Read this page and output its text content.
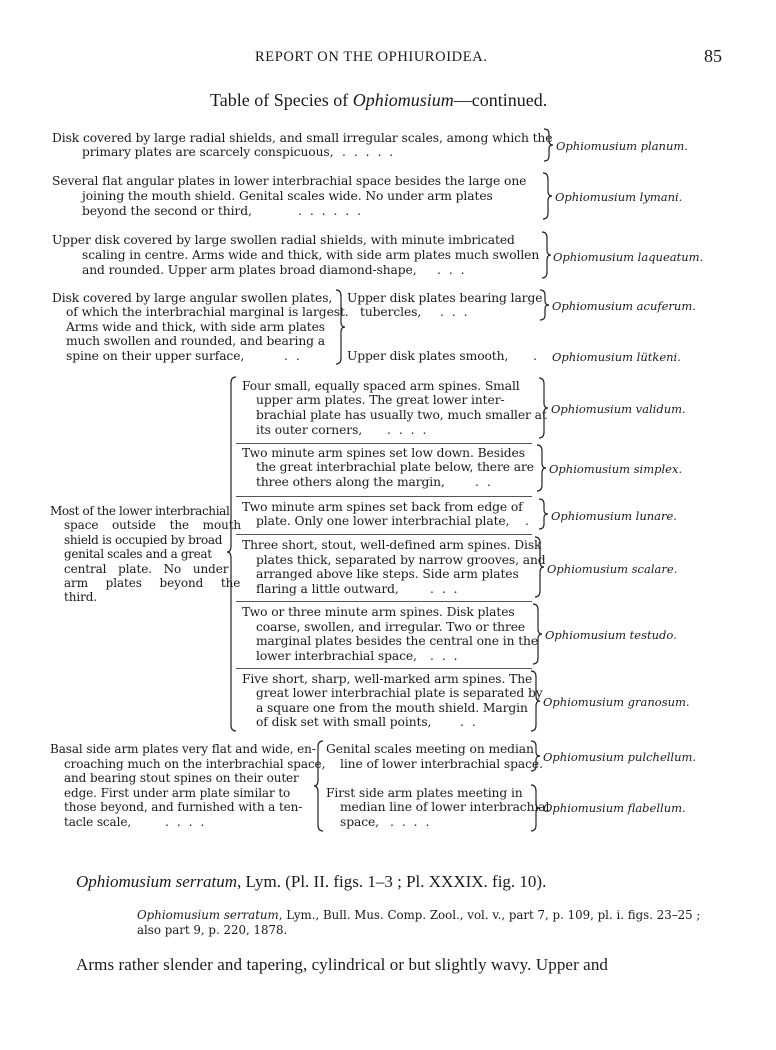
REPORT ON THE OPHIUROIDEA.	85
Table of Species of Ophiomusium—continued.
Disk covered by large radial shields, and small irregular scales, among which the
primary plates are scarcely conspicuous, . . . . .	Ophiomusium planum.
Several flat angular plates in lower interbrachial space besides the large one
joining the mouth shield. Genital scales wide. No under arm plates
beyond the second or third,	. . . . . .
Ophiomusium lymani.
Upper disk covered by large swollen radial shields, with minute imbricated
scaling in centre. Arms wide and thick, with side arm plates much swollen
and rounded. Upper arm plates broad diamond-shape, . . .
Ophiomusium laqueatum.
Disk covered by large angular swollen plates,
of which the interbrachial marginal is largest.
Arms wide and thick, with side arm plates
much swollen and rounded, and bearing a
spine on their upper surface,	. .
Upper disk plates bearing large
tubercles, . . .	Ophiomusium acuferum.
Upper disk plates smooth, . Ophiomusium lütkeni.
Most of the lower interbrachial
space outside the mouth
shield is occupied by broad
genital scales and a great
central plate. No under
arm plates beyond the
third.
Four small, equally spaced arm spines. Small
upper arm plates. The great lower inter-
brachial plate has usually two, much smaller at
its outer corners, . . . .
Ophiomusium validum.
Two minute arm spines set low down. Besides
the great interbrachial plate below, there are
three others along the margin, . .
Ophiomusium simplex.
Two minute arm spines set back from edge of
plate. Only one lower interbrachial plate, . Ophiomusium lunare.
Three short, stout, well-defined arm spines. Disk
plates thick, separated by narrow grooves, and
arranged above like steps. Side arm plates
flaring a little outward,	. . .
Ophiomusium scalare.
Two or three minute arm spines. Disk plates
coarse, swollen, and irregular. Two or three
marginal plates besides the central one in the
lower interbrachial space, . . .
Ophiomusium testudo.
Five short, sharp, well-marked arm spines. The
great lower interbrachial plate is separated by
a square one from the mouth shield. Margin
of disk set with small points, . .
Ophiomusium granosum.
Basal side arm plates very flat and wide, en-
croaching much on the interbrachial space,
and bearing stout spines on their outer
edge. First under arm plate similar to
those beyond, and furnished with a ten-
tacle scale,	. . . .
Genital scales meeting on median
line of lower interbrachial space. Ophiomusium pulchellum.
First side arm plates meeting in
median line of lower interbrachial
space, . . . .
Ophiomusium flabellum.
Ophiomusium serratum, Lym. (Pl. II. figs. 1–3 ; Pl. XXXIX. fig. 10).
Ophiomusium serratum, Lym., Bull. Mus. Comp. Zool., vol. v., part 7, p. 109, pl. i. figs. 23–25 ;
also part 9, p. 220, 1878.
Arms rather slender and tapering, cylindrical or but slightly wavy. Upper and
